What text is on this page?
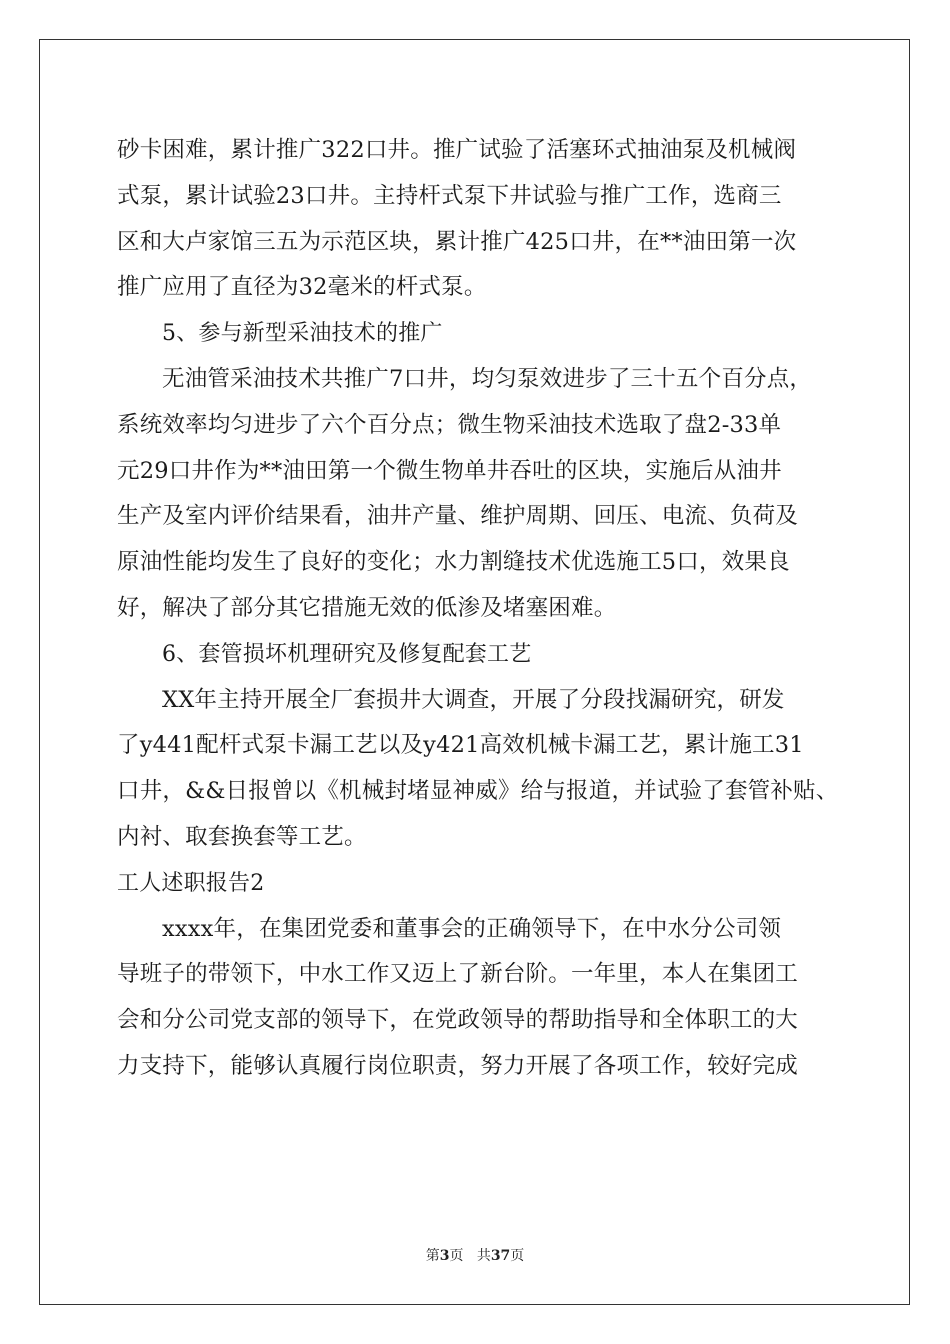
砂卡困难，累计推广322口井。推广试验了活塞环式抽油泵及机械阀
式泵，累计试验23口井。主持杆式泵下井试验与推广工作，选商三
区和大卢家馆三五为示范区块，累计推广425口井，在**油田第一次
推广应用了直径为32毫米的杆式泵。
5、参与新型采油技术的推广
无油管采油技术共推广7口井，均匀泵效进步了三十五个百分点，
系统效率均匀进步了六个百分点；微生物采油技术选取了盘2-33单
元29口井作为**油田第一个微生物单井吞吐的区块，实施后从油井
生产及室内评价结果看，油井产量、维护周期、回压、电流、负荷及
原油性能均发生了良好的变化；水力割缝技术优选施工5口，效果良
好，解决了部分其它措施无效的低渗及堵塞困难。
6、套管损坏机理研究及修复配套工艺
XX年主持开展全厂套损井大调查，开展了分段找漏研究，研发
了y441配杆式泵卡漏工艺以及y421高效机械卡漏工艺，累计施工31
口井，&&日报曾以《机械封堵显神威》给与报道，并试验了套管补贴、
内衬、取套换套等工艺。
工人述职报告2
xxxx年，在集团党委和董事会的正确领导下，在中水分公司领
导班子的带领下，中水工作又迈上了新台阶。一年里，本人在集团工
会和分公司党支部的领导下，在党政领导的帮助指导和全体职工的大
力支持下，能够认真履行岗位职责，努力开展了各项工作，较好完成
第3页 共37页
